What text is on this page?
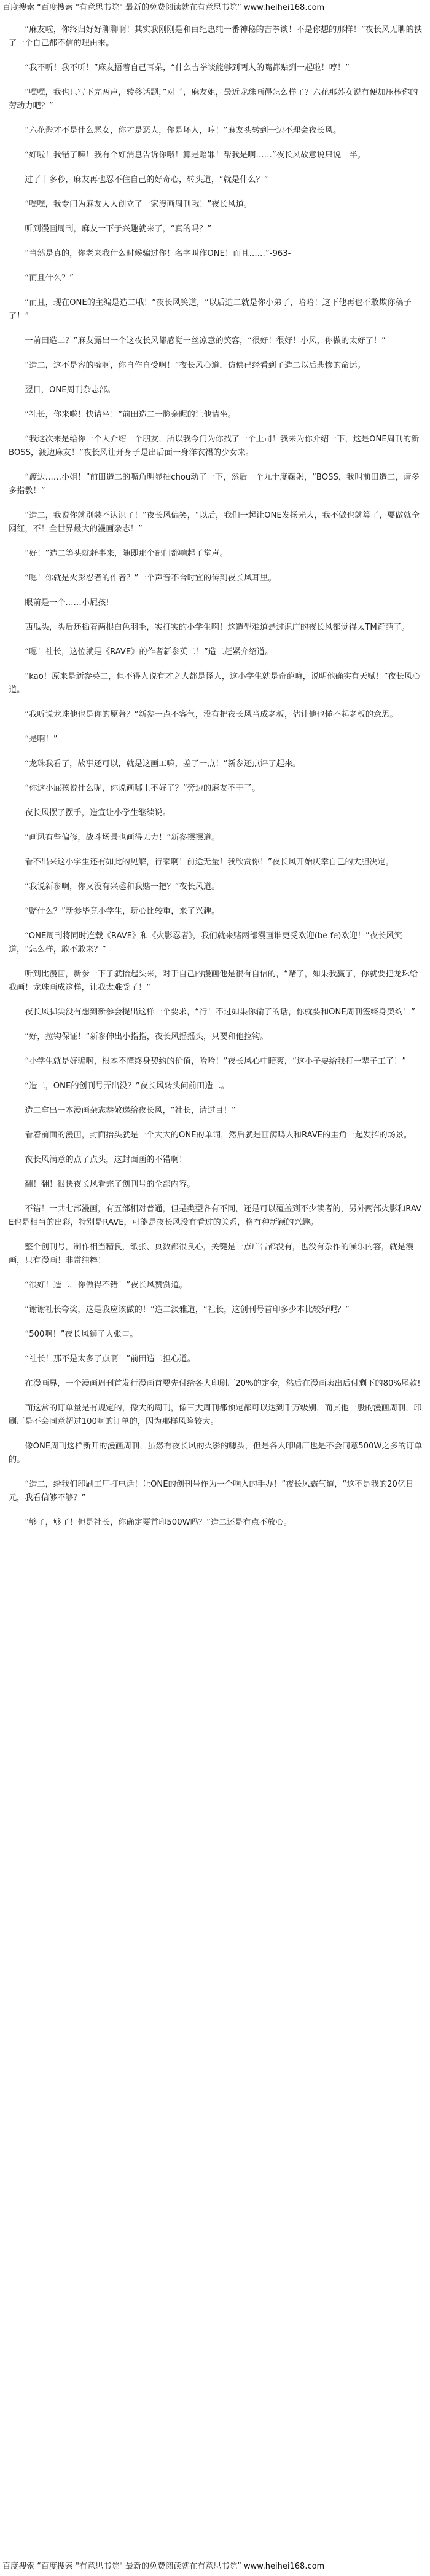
百度搜索 “百度搜索 "有意思书院" 最新的免费阅读就在有意思书院” www.heihei168.com

“麻友啦，你终归好好聊聊啊！其实我刚刚是和由纪惠纯一番神秘的吉拳谈！不是你想的那样！”夜长风无聊的扶了一个自己都不信的理由来。

“我不听！我不听！”麻友捂着自己耳朵，“什么吉拳谈能够到两人的嘴都贴到一起啦！哼！”

“嘿嘿，我也只写下完两声，转移话题，”对了，麻友姐，最近龙珠画得怎么样了？六花那苏女说有便加压榨你的劳动力吧？”

“六花酱才不是什么恶女，你才是恶人，你是坏人，哼！”麻友头转到一边不理会夜长风。

“好啦！我错了嘛！我有个好消息告诉你哦！算是赔罪！帮我是啊……”夜长风故意说只说一半。

过了十多秒，麻友再也忍不住自己的好奇心，转头道，“就是什么？”

“嘿嘿，我专门为麻友大人创立了一家漫画周刊哦！”夜长风道。

听到漫画周刊，麻友一下子兴趣就来了，“真的吗？”

“当然是真的，你老来我什么时候骗过你！名字叫作ONE！而且……”-963-

“而且什么？”

“而且，现在ONE的主编是造二哦！”夜长风笑道，“以后造二就是你小弟了，哈哈！这下他再也不敢欺你稿子了！”

一前田造二？”麻友露出一个这夜长风都感觉一丝凉意的笑容，“很好！很好！小风，你做的太好了！”

“造二，这不是容的嘴啊，你自作自受啊！”夜长风心道，仿佛已经看到了造二以后悲惨的命运。

翌日，ONE周刊杂志部。

“社长，你来啦！快请坐！”前田造二一脸亲昵的让他请坐。

“我这次来是给你一个人介绍一个朋友，所以我今门为你找了一个上司！我来为你介绍一下，这是ONE周刊的新BOSS，渡边麻友！”夜长风让开身子是出后面一身洋衣裙的少女来。

“渡边……小姐！”前田造二的嘴角明显抽chou动了一下，然后一个九十度鞠躬，“BOSS，我叫前田造二，请多多指教！”

“造二，我说你就别装不认识了！”夜长风偏笑，“以后，我们一起让ONE发扬光大，我不做也就算了，要做就全网红，不！全世界最大的漫画杂志！”

“好！”造二等头就赶事来，随即那个部门都响起了掌声。

“嗯！你就是火影忍者的作者？”一个声音不合时宜的传到夜长风耳里。

眼前是一个……小屁孩!

西瓜头，头后还插着两根白色羽毛，实打实的小学生啊！这造型难道是过识广的夜长风都觉得太TM奇葩了。

“嗯！社长，这位就是《RAVE》的作者新参英二！”造二赶紧介绍道。

“kao！原来是新参英二，但不得人说有才之人都是怪人，这小学生就是奇葩嘛，说明他确实有天赋！”夜长风心道。

“我听说龙珠他也是你的原著？”新参一点不客气，没有把夜长风当成老板，估计他也懂不起老板的意思。

“是啊！”

“龙珠我看了，故事还可以，就是这画工嘛，差了一点！”新参还点评了起来。

“你这小屁孩说什么呢，你说画哪里不好了？”旁边的麻友不干了。

夜长风摆了摆手，造宣让小学生继续说。

“画风有些偏修，战斗场景也画得无力！”新参摆摆道。

看不出来这小学生还有如此的见解，行家啊！前途无量！我欣赏你！”夜长风开始庆幸自己的大胆决定。

“我说新参啊，你又没有兴趣和我赌一把？”夜长风道。

“赌什么？”新参毕竟小学生，玩心比较重，来了兴趣。

“ONE周刊将同时连载《RAVE》和《火影忍者》，我们就来赌两部漫画谁更受欢迎(be fe)欢迎！”夜长风笑道，“怎么样，敢不敢来？”

听到比漫画，新参一下子就抬起头来，对于自己的漫画他是很有自信的，“赌了，如果我赢了，你就要把龙珠给我画！龙珠画成这样，让我太难受了！”

夜长风脚尖没有想到新参会提出这样一个要求，“行！不过如果你输了的话，你就要和ONE周刊签终身契约！”

“好，拉钩保证！”新参伸出小指指，夜长风摇摇头，只要和他拉钩。

“小学生就是好骗啊，根本不懂终身契约的价值，哈哈！”夜长风心中暗爽，“这小子要给我打一辈子工了！”

“造二，ONE的创刊号弄出没？”夜长风转头问前田造二。

造二拿出一本漫画杂志恭敬递给夜长风，“社长，请过目！”

看着前面的漫画，封面抬头就是一个大大的ONE的单词，然后就是画满鸣人和RAVE的主角一起发招的场景。

夜长风满意的点了点头，这封面画的不错啊！

翻！翻！很快夜长风看完了创刊号的全部内容。

不错！一共七部漫画，有五部相对普通，但是类型各有不同，还是可以覆盖到不少读者的，另外两部火影和RAVE也是相当的出彩，特别是RAVE，可能是夜长风没有看过的关系，格有种新颖的兴趣。

整个创刊号，制作相当精良，纸张、页数都很良心，关键是一点广告都没有，也没有杂作的噪乐内容，就是漫画，只有漫画！非常纯粹！

“很好！造二，你做得不错！”夜长风赞赏道。

“谢谢社长夸奖，这是我应该做的！”造二淡雅道，“社长，这创刊号首印多少本比较好呢？”

“500啊！”夜长风狮子大张口。

“社长！那不是太多了点啊！”前田造二担心道。

在漫画界，一个漫画周刊首发行漫画首要先付给各大印刷厂20%的定金，然后在漫画卖出后付剩下的80%尾款!

而这常的订单量是有规定的，像大的周刊，像三大周刊都预定都可以达到千万级别，而其他一般的漫画周刊，印刷厂是不会同意超过100啊的订单的，因为那样风险较大。

像ONE周刊这样新开的漫画周刊，虽然有夜长风的火影的噱头，但是各大印刷厂也是不会同意500W之多的订单的。

“造二，给我们印刷工厂打电话！让ONE的创刊号作为一个响入的手办！”夜长风霸气道，“这不是我的20亿日元，我看信够不够？”

“够了，够了！但是社长，你确定要首印500W吗？”造二还是有点不放心。

百度搜索 “百度搜索 "有意思书院" 最新的免费阅读就在有意思书院” www.heihei168.com
